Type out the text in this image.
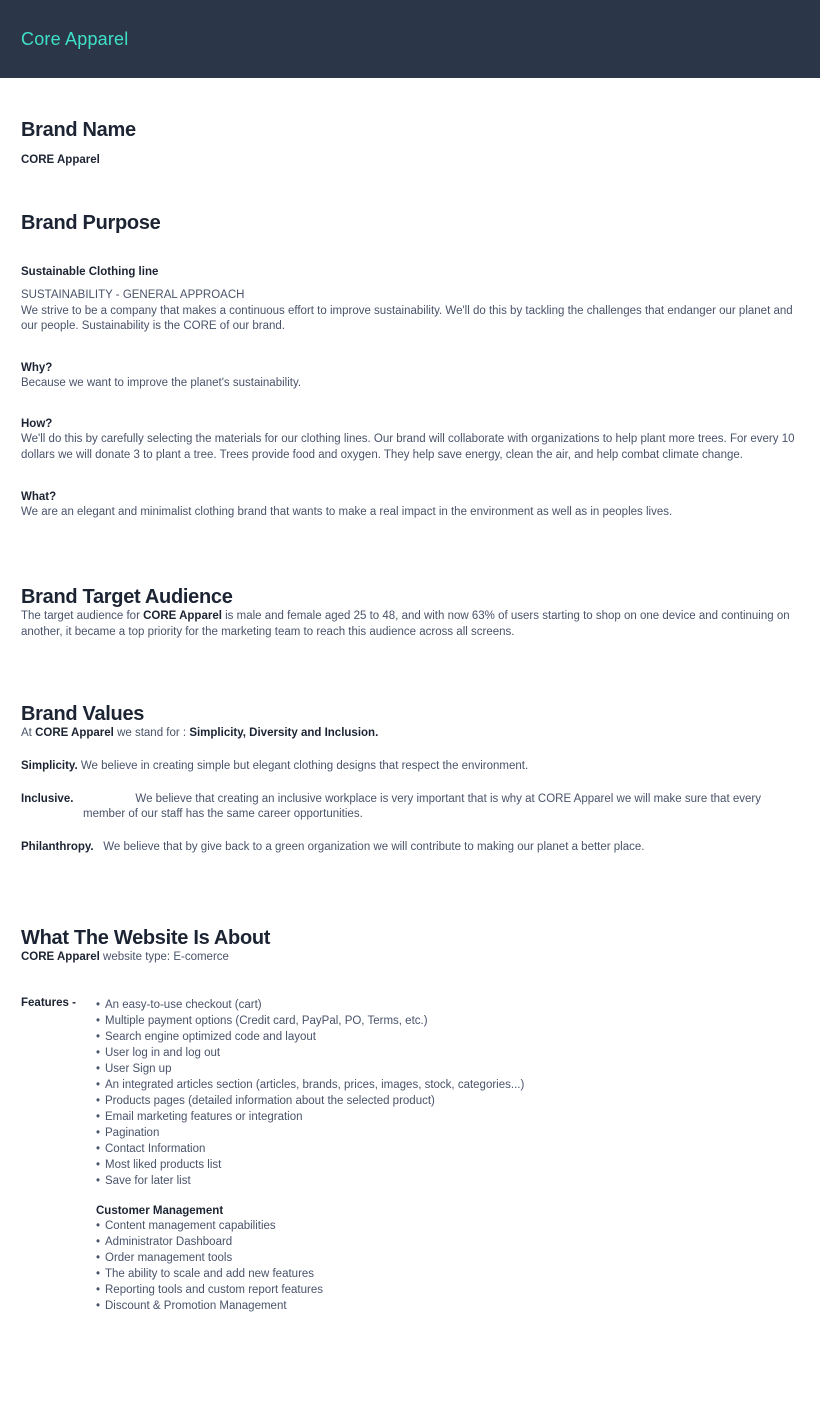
Core Apparel
Brand Name
CORE Apparel
Brand Purpose
Sustainable Clothing line
SUSTAINABILITY - GENERAL APPROACH
We strive to be a company that makes a continuous effort to improve sustainability. We'll do this by tackling the challenges that endanger our planet and our people. Sustainability is the CORE of our brand.
Why?
Because we want to improve the planet's sustainability.
How?
We'll do this by carefully selecting the materials for our clothing lines. Our brand will collaborate with organizations to help plant more trees. For every 10 dollars we will donate 3 to plant a tree. Trees provide food and oxygen. They help save energy, clean the air, and help combat climate change.
What?
We are an elegant and minimalist clothing brand that wants to make a real impact in the environment as well as in peoples lives.
Brand Target Audience

The target audience for CORE Apparel is male and female aged 25 to 48, and with now 63% of users starting to shop on one device and continuing on another, it became a top priority for the marketing team to reach this audience across all screens.

Brand Values

At CORE Apparel we stand for : Simplicity, Diversity and Inclusion.

Simplicity.
We believe in creating simple but elegant clothing designs that respect the environment.
Inclusive.	We believe that creating an inclusive workplace is very important that is why at CORE Apparel we will make sure that every member of our staff has the same career opportunities.
Philanthropy.
We believe that by give back to a green organization we will contribute to making our planet a better place.
What The Website Is About

CORE Apparel website type: E-comerce

Features -	• An easy-to-use checkout (cart)
• Multiple payment options (Credit card, PayPal, PO, Terms, etc.)
• Search engine optimized code and layout
• User log in and log out
• User Sign up
• An integrated articles section (articles, brands, prices, images, stock, categories...)
• Products pages (detailed information about the selected product)
• Email marketing features or integration
• Pagination
• Contact Information
• Most liked products list
• Save for later list
Customer Management
• Content management capabilities
• Administrator Dashboard
• Order management tools
• The ability to scale and add new features
• Reporting tools and custom report features
• Discount & Promotion Management
